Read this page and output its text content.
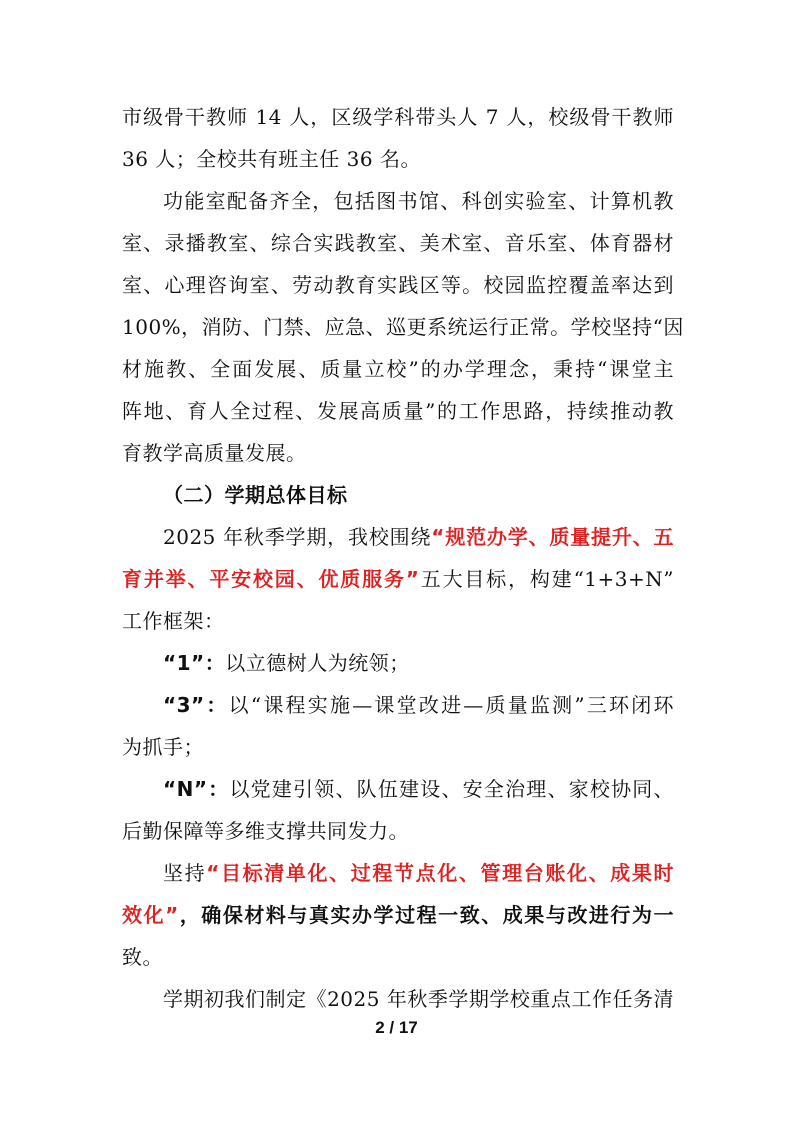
市级骨干教师 14 人，区级学科带头人 7 人，校级骨干教师
36 人；全校共有班主任 36 名。
功能室配备齐全，包括图书馆、科创实验室、计算机教
室、录播教室、综合实践教室、美术室、音乐室、体育器材
室、心理咨询室、劳动教育实践区等。校园监控覆盖率达到
100%，消防、门禁、应急、巡更系统运行正常。学校坚持“因
材施教、全面发展、质量立校”的办学理念，秉持“课堂主
阵地、育人全过程、发展高质量”的工作思路，持续推动教
育教学高质量发展。
（二）学期总体目标
2025 年秋季学期，我校围绕“规范办学、质量提升、五
育并举、平安校园、优质服务”五大目标，构建“1+3+N”
工作框架：
“1”：以立德树人为统领；
“3”：以“课程实施—课堂改进—质量监测”三环闭环
为抓手；
“N”：以党建引领、队伍建设、安全治理、家校协同、
后勤保障等多维支撑共同发力。
坚持“目标清单化、过程节点化、管理台账化、成果时
效化”，确保材料与真实办学过程一致、成果与改进行为一
致。
学期初我们制定《2025 年秋季学期学校重点工作任务清
2 / 17
